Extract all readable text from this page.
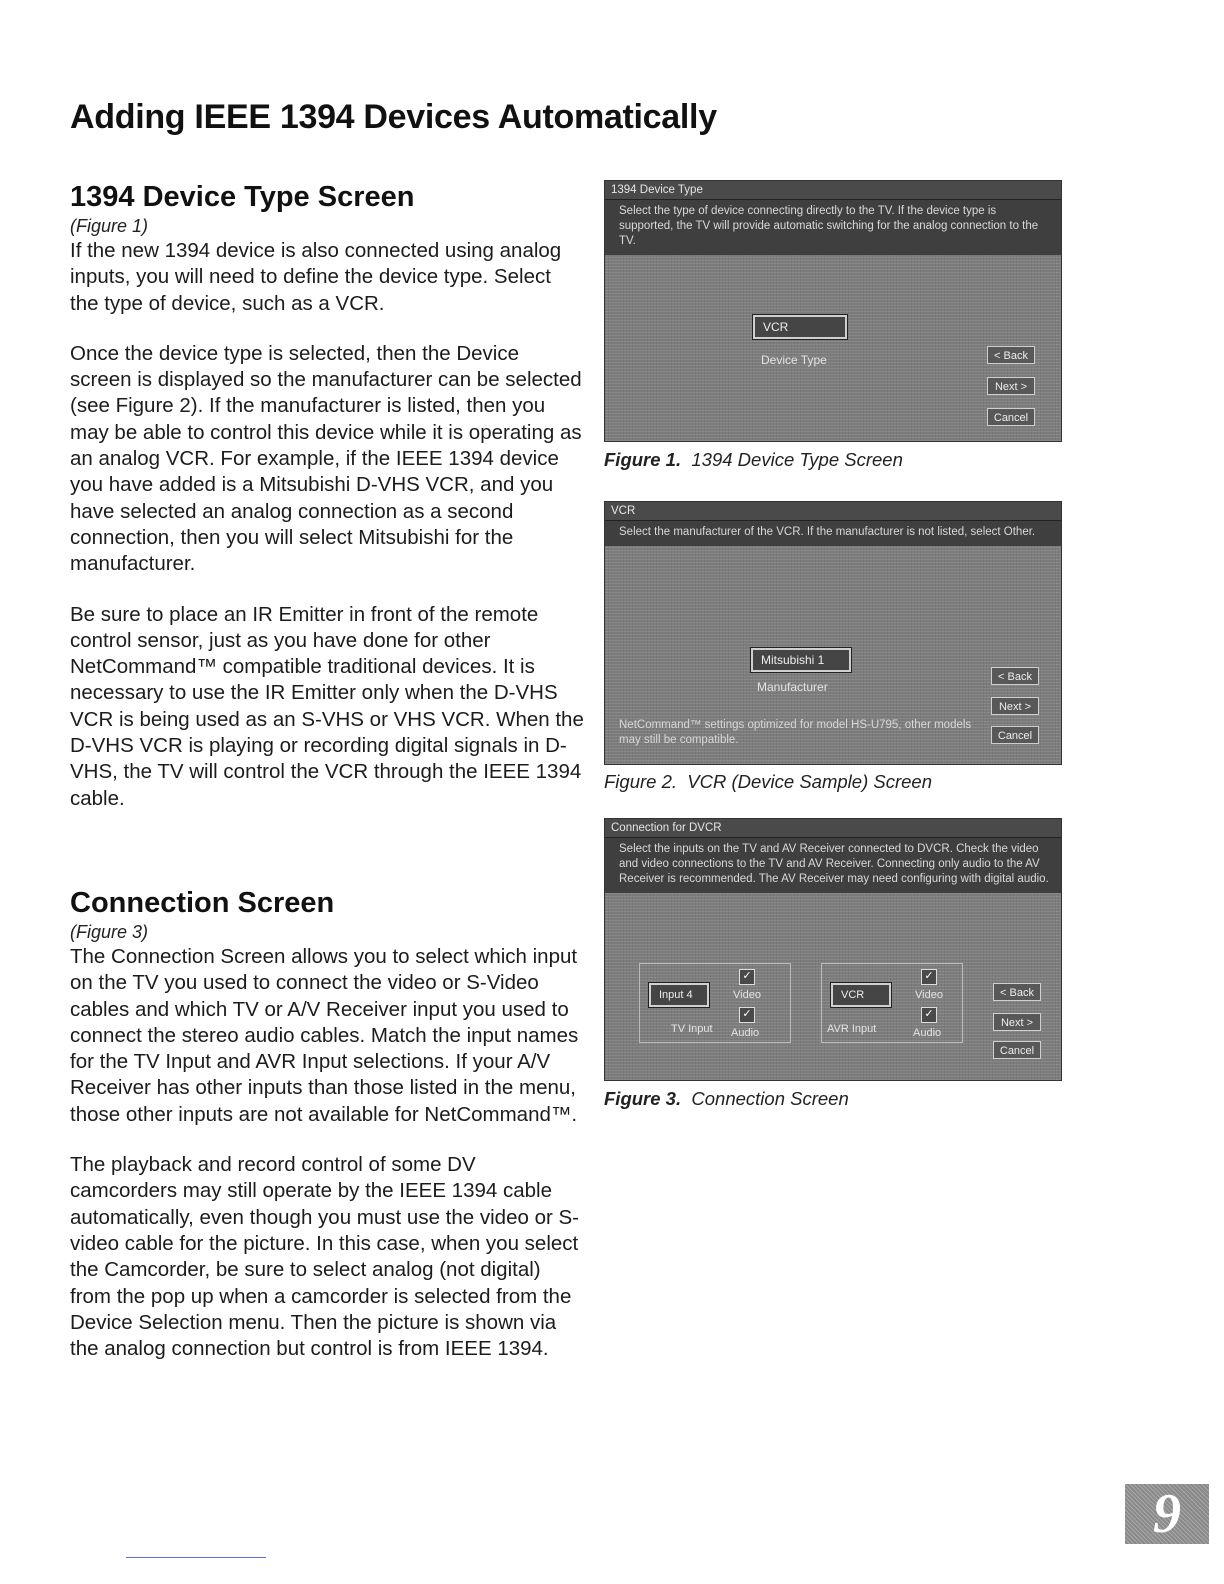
Adding IEEE 1394 Devices Automatically
1394 Device Type Screen
(Figure 1)

If the new 1394 device is also connected using analog inputs, you will need to define the device type. Select the type of device, such as a VCR.

Once the device type is selected, then the Device screen is displayed so the manufacturer can be selected (see Figure 2). If the manufacturer is listed, then you may be able to control this device while it is operating as an analog VCR. For example, if the IEEE 1394 device you have added is a Mitsubishi D-VHS VCR, and you have selected an analog connection as a second connection, then you will select Mitsubishi for the manufacturer.

Be sure to place an IR Emitter in front of the remote control sensor, just as you have done for other NetCommand™ compatible traditional devices. It is necessary to use the IR Emitter only when the D-VHS VCR is being used as an S-VHS or VHS VCR. When the D-VHS VCR is playing or recording digital signals in D-VHS, the TV will control the VCR through the IEEE 1394 cable.

Connection Screen
(Figure 3)

The Connection Screen allows you to select which input on the TV you used to connect the video or S-Video cables and which TV or A/V Receiver input you used to connect the stereo audio cables. Match the input names for the TV Input and AVR Input selections. If your A/V Receiver has other inputs than those listed in the menu, those other inputs are not available for NetCommand™.

The playback and record control of some DV camcorders may still operate by the IEEE 1394 cable automatically, even though you must use the video or S-video cable for the picture. In this case, when you select the Camcorder, be sure to select analog (not digital) from the pop up when a camcorder is selected from the Device Selection menu. Then the picture is shown via the analog connection but control is from IEEE 1394.

1394 Device Type
Select the type of device connecting directly to the TV. If the device type is supported, the TV will provide automatic switching for the analog connection to the TV.
VCR
Device Type	< Back
Next >
Cancel
Figure 1. 1394 Device Type Screen
VCR
Select the manufacturer of the VCR. If the manufacturer is not listed, select Other.
Mitsubishi 1
Manufacturer
< Back
Next >
Cancel
NetCommand™ settings optimized for model HS-U795, other models may still be compatible.
Figure 2. VCR (Device Sample) Screen
Connection for DVCR
Select the inputs on the TV and AV Receiver connected to DVCR. Check the video and video connections to the TV and AV Receiver. Connecting only audio to the AV Receiver is recommended. The AV Receiver may need configuring with digital audio.
Input 4
✓
Video
✓
Audio
TV Input
VCR
✓
Video
✓
Audio
AVR Input
< Back
Next >
Cancel
Figure 3. Connection Screen
9
